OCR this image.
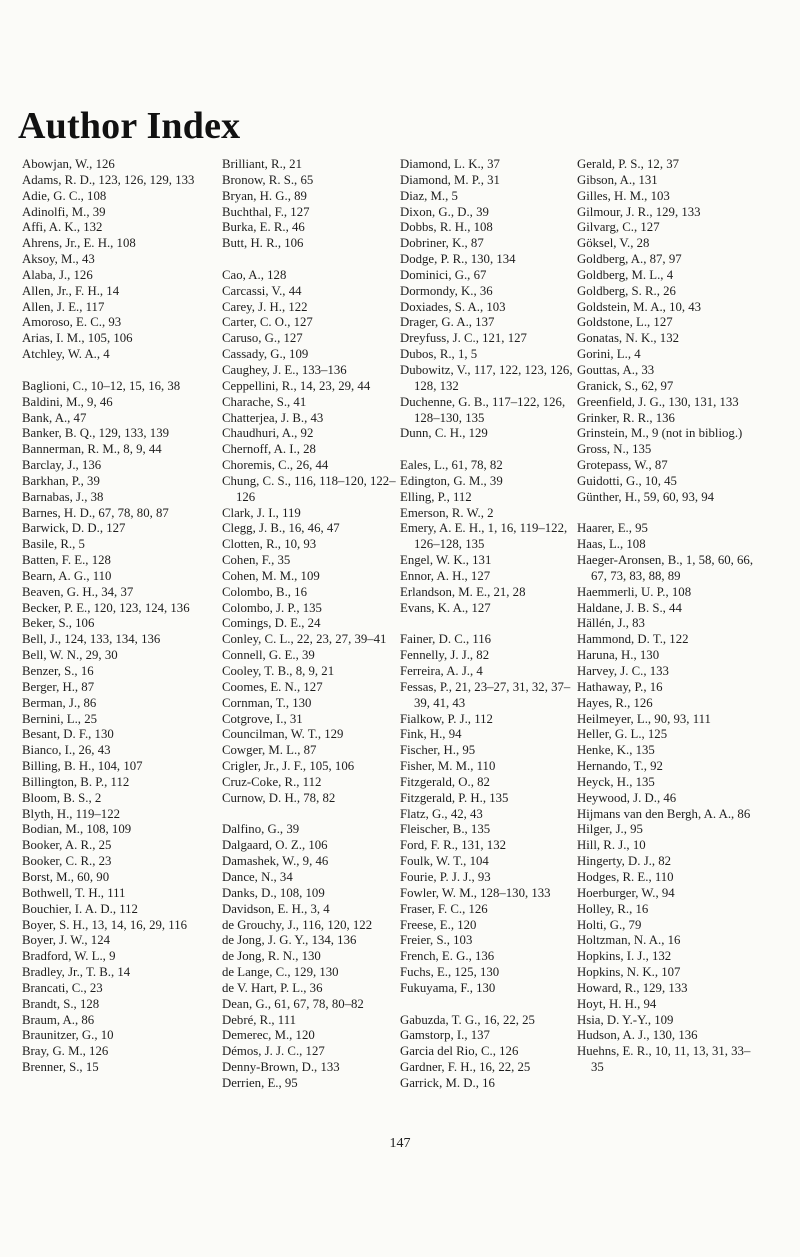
Author Index
Abowjan, W., 126
Adams, R. D., 123, 126, 129, 133
Adie, G. C., 108
Adinolfi, M., 39
Affi, A. K., 132
Ahrens, Jr., E. H., 108
Aksoy, M., 43
Alaba, J., 126
Allen, Jr., F. H., 14
Allen, J. E., 117
Amoroso, E. C., 93
Arias, I. M., 105, 106
Atchley, W. A., 4
Baglioni, C., 10–12, 15, 16, 38
Baldini, M., 9, 46
Bank, A., 47
Banker, B. Q., 129, 133, 139
Bannerman, R. M., 8, 9, 44
Barclay, J., 136
Barkhan, P., 39
Barnabas, J., 38
Barnes, H. D., 67, 78, 80, 87
Barwick, D. D., 127
Basile, R., 5
Batten, F. E., 128
Bearn, A. G., 110
Beaven, G. H., 34, 37
Becker, P. E., 120, 123, 124, 136
Beker, S., 106
Bell, J., 124, 133, 134, 136
Bell, W. N., 29, 30
Benzer, S., 16
Berger, H., 87
Berman, J., 86
Bernini, L., 25
Besant, D. F., 130
Bianco, I., 26, 43
Billing, B. H., 104, 107
Billington, B. P., 112
Bloom, B. S., 2
Blyth, H., 119–122
Bodian, M., 108, 109
Booker, A. R., 25
Booker, C. R., 23
Borst, M., 60, 90
Bothwell, T. H., 111
Bouchier, I. A. D., 112
Boyer, S. H., 13, 14, 16, 29, 116
Boyer, J. W., 124
Bradford, W. L., 9
Bradley, Jr., T. B., 14
Brancati, C., 23
Brandt, S., 128
Braum, A., 86
Braunitzer, G., 10
Bray, G. M., 126
Brenner, S., 15
Brilliant, R., 21
Bronow, R. S., 65
Bryan, H. G., 89
Buchthal, F., 127
Burka, E. R., 46
Butt, H. R., 106
Cao, A., 128
Carcassi, V., 44
Carey, J. H., 122
Carter, C. O., 127
Caruso, G., 127
Cassady, G., 109
Caughey, J. E., 133–136
Ceppellini, R., 14, 23, 29, 44
Charache, S., 41
Chatterjea, J. B., 43
Chaudhuri, A., 92
Chernoff, A. I., 28
Choremis, C., 26, 44
Chung, C. S., 116, 118–120, 122–126
Clark, J. I., 119
Clegg, J. B., 16, 46, 47
Clotten, R., 10, 93
Cohen, F., 35
Cohen, M. M., 109
Colombo, B., 16
Colombo, J. P., 135
Comings, D. E., 24
Conley, C. L., 22, 23, 27, 39–41
Connell, G. E., 39
Cooley, T. B., 8, 9, 21
Coomes, E. N., 127
Cornman, T., 130
Cotgrove, I., 31
Councilman, W. T., 129
Cowger, M. L., 87
Crigler, Jr., J. F., 105, 106
Cruz-Coke, R., 112
Curnow, D. H., 78, 82
Dalfino, G., 39
Dalgaard, O. Z., 106
Damashek, W., 9, 46
Dance, N., 34
Danks, D., 108, 109
Davidson, E. H., 3, 4
de Grouchy, J., 116, 120, 122
de Jong, J. G. Y., 134, 136
de Jong, R. N., 130
de Lange, C., 129, 130
de V. Hart, P. L., 36
Dean, G., 61, 67, 78, 80–82
Debré, R., 111
Demerec, M., 120
Démos, J. J. C., 127
Denny-Brown, D., 133
Derrien, E., 95
Diamond, L. K., 37
Diamond, M. P., 31
Diaz, M., 5
Dixon, G., D., 39
Dobbs, R. H., 108
Dobriner, K., 87
Dodge, P. R., 130, 134
Dominici, G., 67
Dormondy, K., 36
Doxiades, S. A., 103
Drager, G. A., 137
Dreyfuss, J. C., 121, 127
Dubos, R., 1, 5
Dubowitz, V., 117, 122, 123, 126, 128, 132
Duchenne, G. B., 117–122, 126, 128–130, 135
Dunn, C. H., 129
Eales, L., 61, 78, 82
Edington, G. M., 39
Elling, P., 112
Emerson, R. W., 2
Emery, A. E. H., 1, 16, 119–122, 126–128, 135
Engel, W. K., 131
Ennor, A. H., 127
Erlandson, M. E., 21, 28
Evans, K. A., 127
Fainer, D. C., 116
Fennelly, J. J., 82
Ferreira, A. J., 4
Fessas, P., 21, 23–27, 31, 32, 37–39, 41, 43
Fialkow, P. J., 112
Fink, H., 94
Fischer, H., 95
Fisher, M. M., 110
Fitzgerald, O., 82
Fitzgerald, P. H., 135
Flatz, G., 42, 43
Fleischer, B., 135
Ford, F. R., 131, 132
Foulk, W. T., 104
Fourie, P. J. J., 93
Fowler, W. M., 128–130, 133
Fraser, F. C., 126
Freese, E., 120
Freier, S., 103
French, E. G., 136
Fuchs, E., 125, 130
Fukuyama, F., 130
Gabuzda, T. G., 16, 22, 25
Gamstorp, I., 137
Garcia del Rio, C., 126
Gardner, F. H., 16, 22, 25
Garrick, M. D., 16
Gerald, P. S., 12, 37
Gibson, A., 131
Gilles, H. M., 103
Gilmour, J. R., 129, 133
Gilvarg, C., 127
Göksel, V., 28
Goldberg, A., 87, 97
Goldberg, M. L., 4
Goldberg, S. R., 26
Goldstein, M. A., 10, 43
Goldstone, L., 127
Gonatas, N. K., 132
Gorini, L., 4
Gouttas, A., 33
Granick, S., 62, 97
Greenfield, J. G., 130, 131, 133
Grinker, R. R., 136
Grinstein, M., 9 (not in bibliog.)
Gross, N., 135
Grotepass, W., 87
Guidotti, G., 10, 45
Günther, H., 59, 60, 93, 94
Haarer, E., 95
Haas, L., 108
Haeger-Aronsen, B., 1, 58, 60, 66, 67, 73, 83, 88, 89
Haemmerli, U. P., 108
Haldane, J. B. S., 44
Hällén, J., 83
Hammond, D. T., 122
Haruna, H., 130
Harvey, J. C., 133
Hathaway, P., 16
Hayes, R., 126
Heilmeyer, L., 90, 93, 111
Heller, G. L., 125
Henke, K., 135
Hernando, T., 92
Heyck, H., 135
Heywood, J. D., 46
Hijmans van den Bergh, A. A., 86
Hilger, J., 95
Hill, R. J., 10
Hingerty, D. J., 82
Hodges, R. E., 110
Hoerburger, W., 94
Holley, R., 16
Holti, G., 79
Holtzman, N. A., 16
Hopkins, I. J., 132
Hopkins, N. K., 107
Howard, R., 129, 133
Hoyt, H. H., 94
Hsia, D. Y.-Y., 109
Hudson, A. J., 130, 136
Huehns, E. R., 10, 11, 13, 31, 33–35
147
